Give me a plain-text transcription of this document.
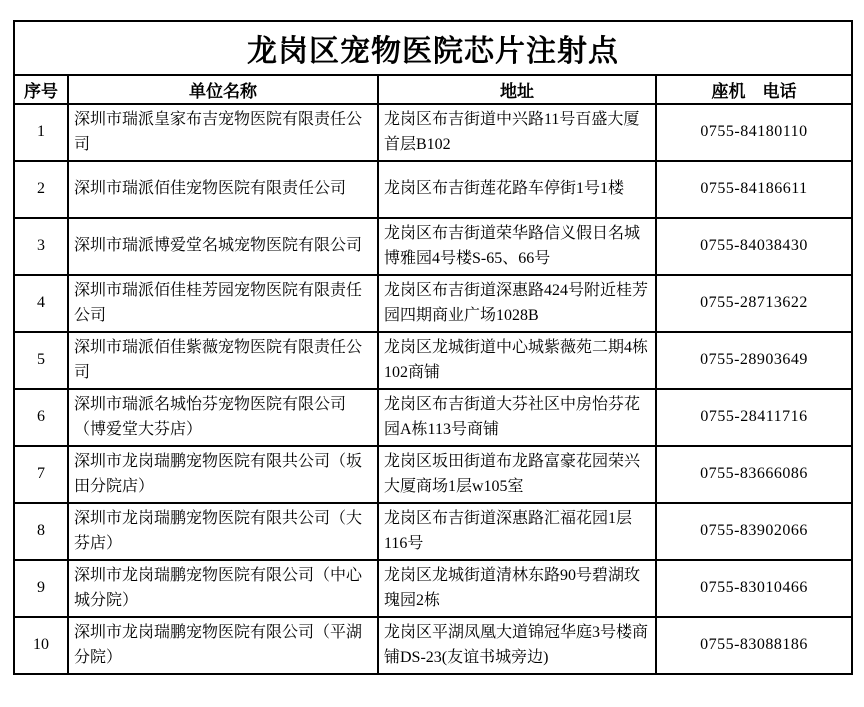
龙岗区宠物医院芯片注射点			
序号	单位名称	地址	座机　电话
1	深圳市瑞派皇家布吉宠物医院有限责任公司	龙岗区布吉街道中兴路11号百盛大厦首层B102	0755-84180110
2	深圳市瑞派佰佳宠物医院有限责任公司	龙岗区布吉街莲花路车停街1号1楼	0755-84186611
3	深圳市瑞派博爱堂名城宠物医院有限公司	龙岗区布吉街道荣华路信义假日名城博雅园4号楼S-65、66号	0755-84038430
4	深圳市瑞派佰佳桂芳园宠物医院有限责任公司	龙岗区布吉街道深惠路424号附近桂芳园四期商业广场1028B	0755-28713622
5	深圳市瑞派佰佳紫薇宠物医院有限责任公司	龙岗区龙城街道中心城紫薇苑二期4栋102商铺	0755-28903649
6	深圳市瑞派名城怡芬宠物医院有限公司（博爱堂大芬店）	龙岗区布吉街道大芬社区中房怡芬花园A栋113号商铺	0755-28411716
7	深圳市龙岗瑞鹏宠物医院有限共公司（坂田分院店）	龙岗区坂田街道布龙路富豪花园荣兴大厦商场1层w105室	0755-83666086
8	深圳市龙岗瑞鹏宠物医院有限共公司（大芬店）	龙岗区布吉街道深惠路汇福花园1层116号	0755-83902066
9	深圳市龙岗瑞鹏宠物医院有限公司（中心城分院）	龙岗区龙城街道清林东路90号碧湖玫瑰园2栋	0755-83010466
10	深圳市龙岗瑞鹏宠物医院有限公司（平湖分院）	龙岗区平湖凤凰大道锦冠华庭3号楼商铺DS-23(友谊书城旁边)	0755-83088186
